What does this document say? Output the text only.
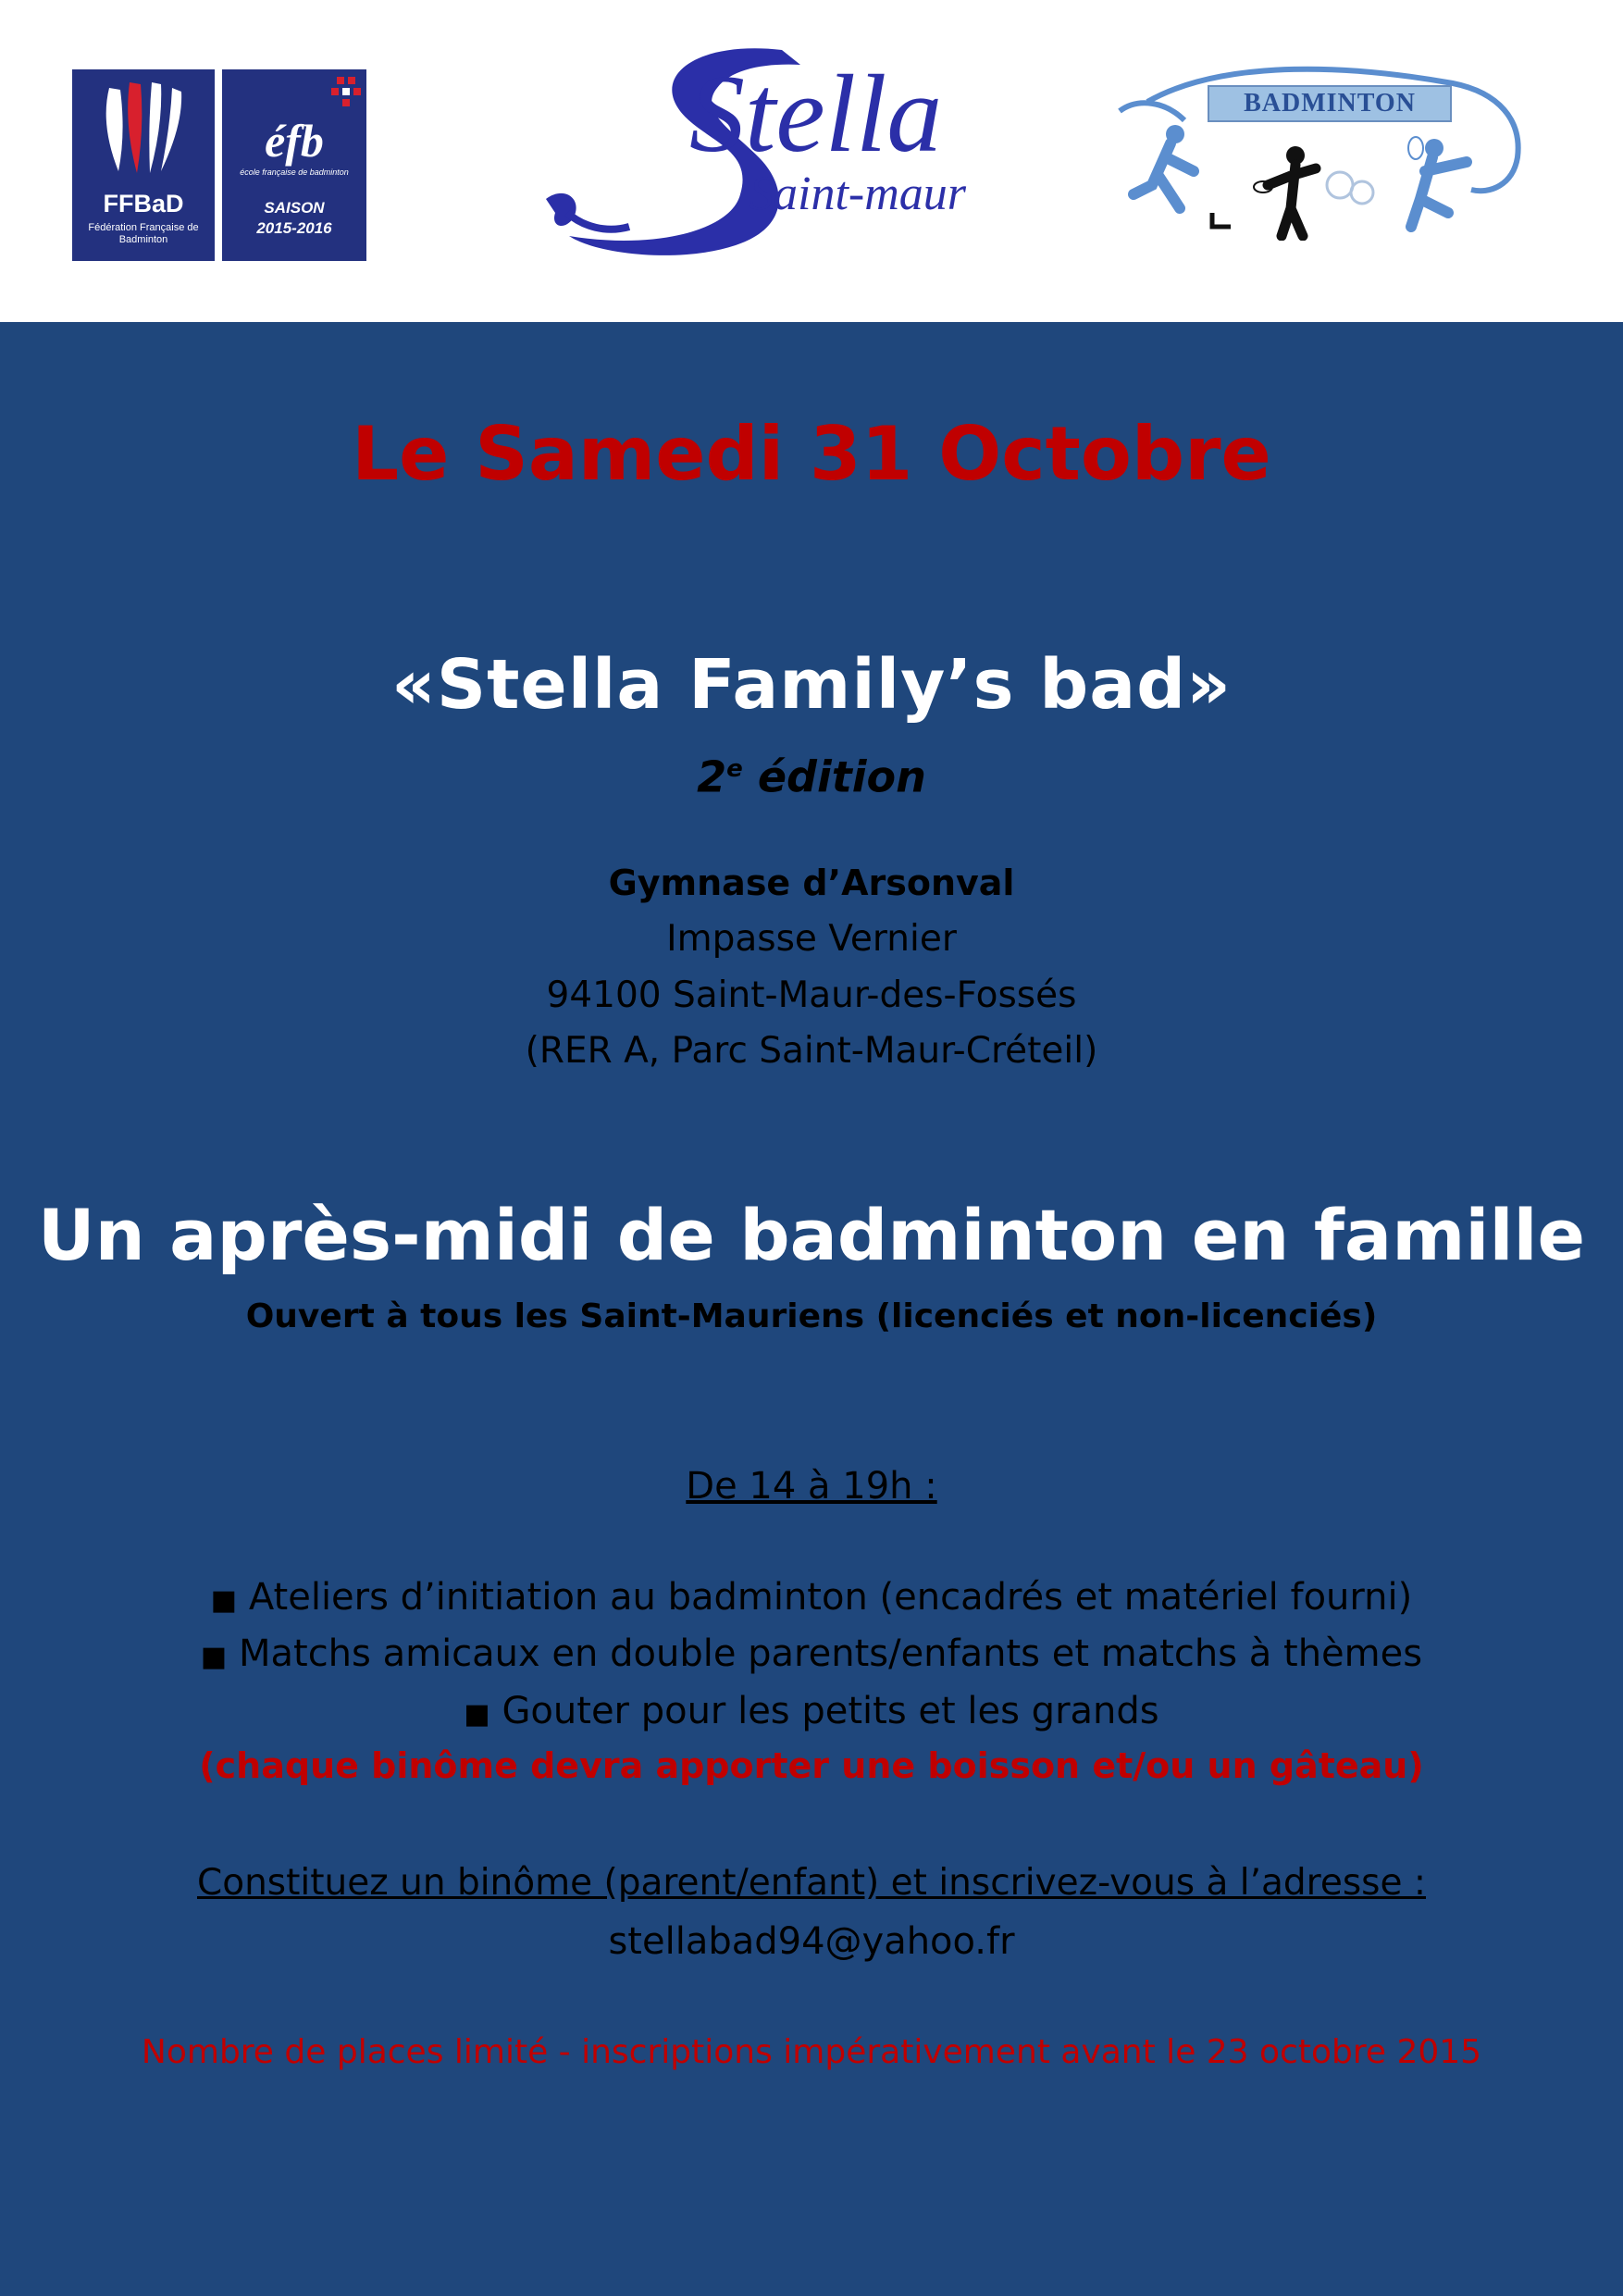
FFBaD
Fédération Française de Badminton
éfb
école française de badminton
SAISON
2015-2016
Stella
Saint-maur
BADMINTON
Le Samedi 31 Octobre
«Stella Family’s bad»
2e édition
Gymnase d’Arsonval
Impasse Vernier
94100 Saint-Maur-des-Fossés
(RER A, Parc Saint-Maur-Créteil)
Un après-midi de badminton en famille
Ouvert à tous les Saint-Mauriens (licenciés et non-licenciés)
De 14 à 19h :
■ Ateliers d’initiation au badminton (encadrés et matériel fourni)
■ Matchs amicaux en double parents/enfants et matchs à thèmes
■ Gouter pour les petits et les grands
(chaque binôme devra apporter une boisson et/ou un gâteau)
Constituez un binôme (parent/enfant) et inscrivez-vous à l’adresse :
stellabad94@yahoo.fr
Nombre de places limité - inscriptions impérativement avant le 23 octobre 2015
